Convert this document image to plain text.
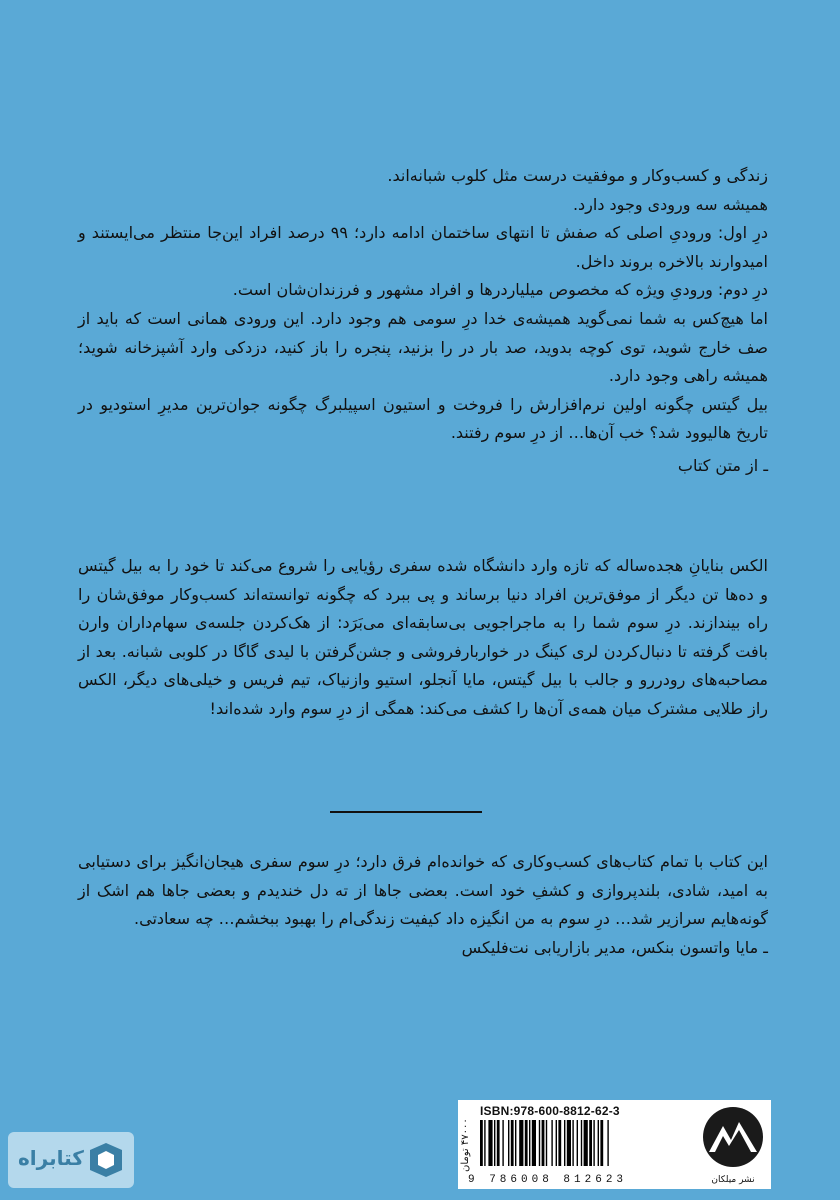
زندگی و کسب‌وکار و موفقیت درست مثل کلوب شبانه‌اند.

همیشه سه ورودی وجود دارد.

درِ اول: ورودیِ اصلی که صفش تا انتهای ساختمان ادامه دارد؛ ۹۹ درصد افراد این‌جا منتظر می‌ایستند و امیدوارند بالاخره بروند داخل.

درِ دوم: ورودیِ ویژه که مخصوص میلیاردرها و افراد مشهور و فرزندان‌شان است.

اما هیچ‌کس به شما نمی‌گوید همیشه‌ی خدا درِ سومی هم وجود دارد. این ورودی همانی است که باید از صف خارج شوید، توی کوچه بدوید، صد بار در را بزنید، پنجره را باز کنید، دزدکی وارد آشپزخانه شوید؛ همیشه راهی وجود دارد.

بیل گیتس چگونه اولین نرم‌افزارش را فروخت و استیون اسپیلبرگ چگونه جوان‌ترین مدیرِ استودیو در تاریخ هالیوود شد؟ خب آن‌ها… از درِ سوم رفتند.

ـ از متن کتاب

الکس بنایانِ هجده‌ساله که تازه وارد دانشگاه شده سفری رؤیایی را شروع می‌کند تا خود را به بیل گیتس و ده‌ها تن دیگر از موفق‌ترین افراد دنیا برساند و پی ببرد که چگونه توانسته‌اند کسب‌وکار موفق‌شان را راه بیندازند. درِ سوم شما را به ماجراجویی بی‌سابقه‌ای می‌بَرَد: از هک‌کردن جلسه‌ی سهام‌داران وارن بافت گرفته تا دنبال‌کردن لری کینگ در خواربارفروشی و جشن‌گرفتن با لیدی گاگا در کلوبی شبانه. بعد از مصاحبه‌های رودررو و جالب با بیل گیتس، مایا آنجلو، استیو وازنیاک، تیم فریس و خیلی‌های دیگر، الکس راز طلایی مشترک میان همه‌ی آن‌ها را کشف می‌کند: همگی از درِ سوم وارد شده‌اند!

این کتاب با تمام کتاب‌های کسب‌وکاری که خوانده‌ام فرق دارد؛ درِ سوم سفری هیجان‌انگیز برای دستیابی به امید، شادی، بلندپروازی و کشفِ خود است. بعضی جاها از ته دل خندیدم و بعضی جاها هم اشک از گونه‌هایم سرازیر شد… درِ سوم به من انگیزه داد کیفیت زندگی‌ام را بهبود ببخشم… چه سعادتی.

ـ مایا واتسون بنکس، مدیر بازاریابی نت‌فلیکس

۴۷۰۰۰ تومان
ISBN:978-600-8812-62-3
9 786008 812623	نشر میلکان
کتابراه
